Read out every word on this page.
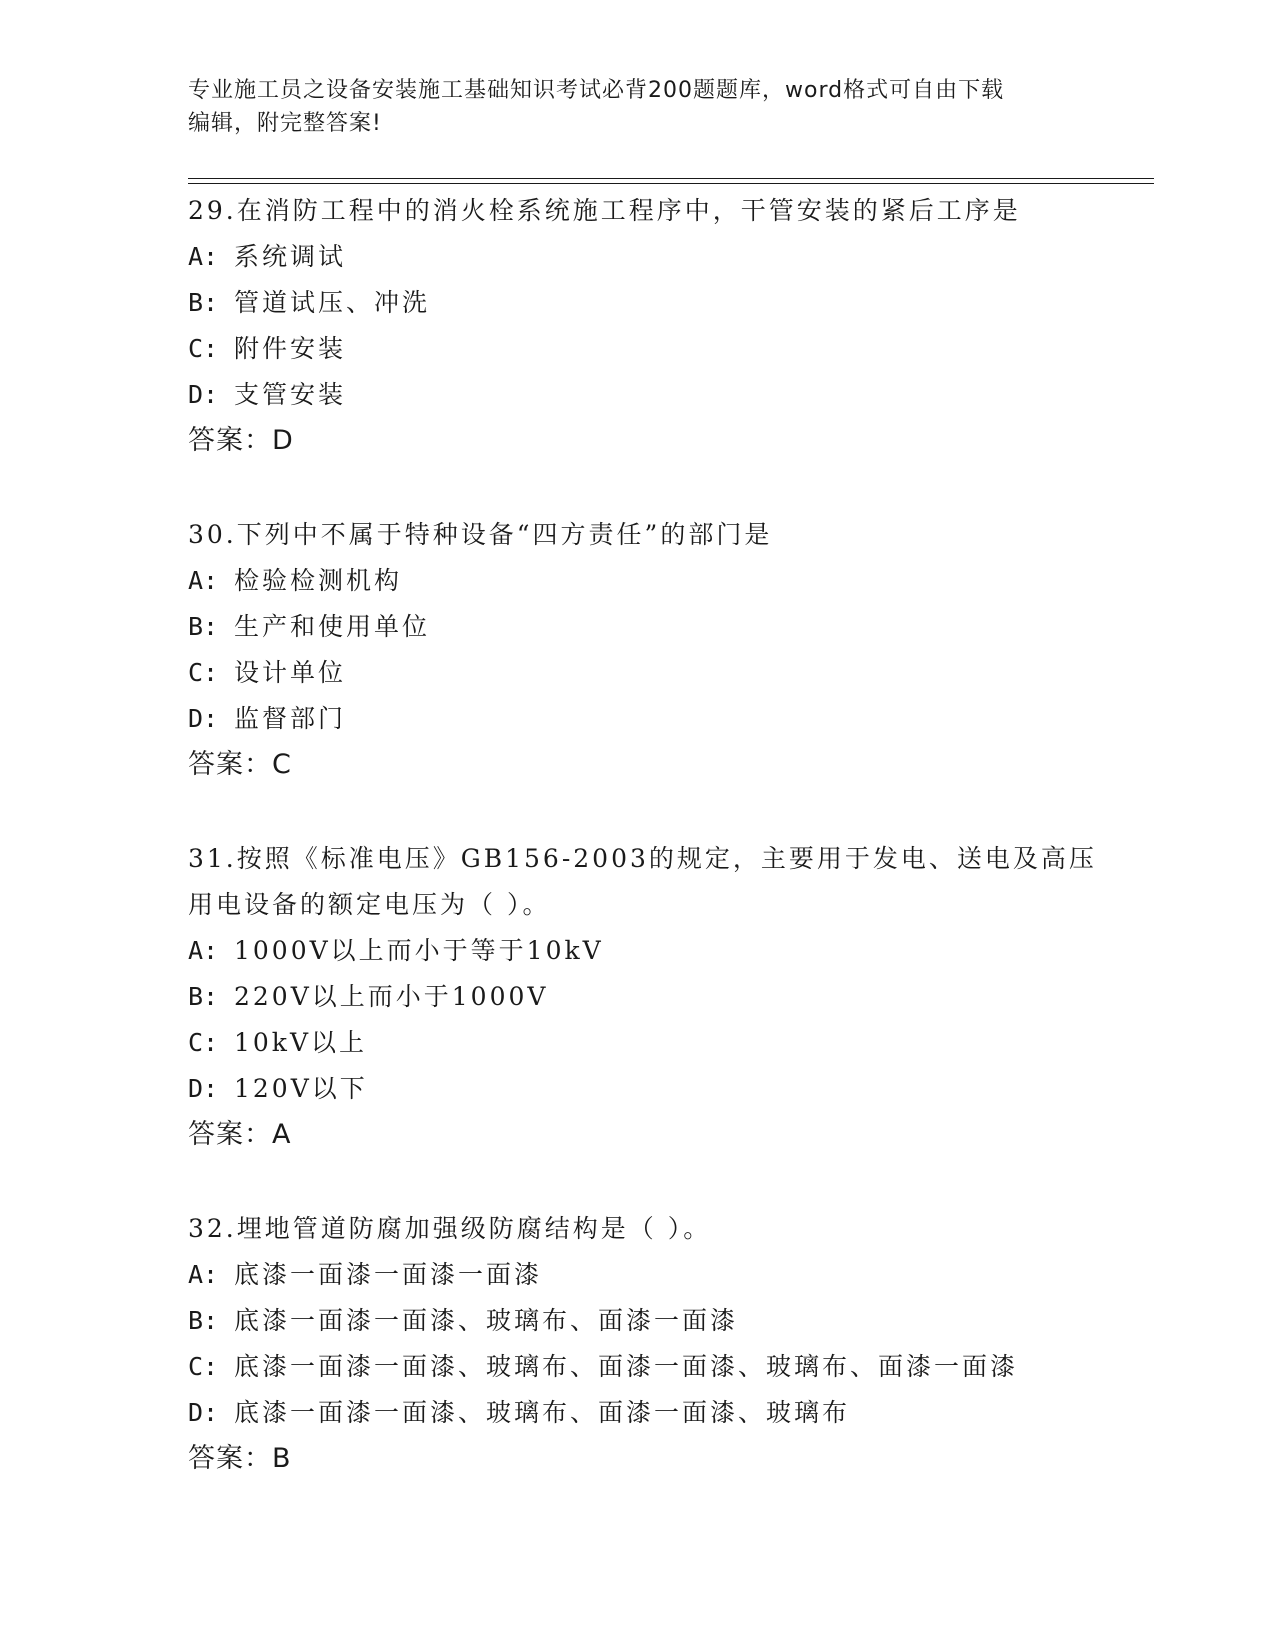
专业施工员之设备安装施工基础知识考试必背200题题库，word格式可自由下载
编辑，附完整答案!
29.在消防工程中的消火栓系统施工程序中，干管安装的紧后工序是
A: 系统调试
B: 管道试压、冲洗
C: 附件安装
D: 支管安装
答案：D
30.下列中不属于特种设备“四方责任”的部门是
A: 检验检测机构
B: 生产和使用单位
C: 设计单位
D: 监督部门
答案：C
31.按照《标准电压》GB156-2003的规定，主要用于发电、送电及高压
用电设备的额定电压为（ ）。
A: 1000V以上而小于等于10kV
B: 220V以上而小于1000V
C: 10kV以上
D: 120V以下
答案：A
32.埋地管道防腐加强级防腐结构是（ ）。
A: 底漆一面漆一面漆一面漆
B: 底漆一面漆一面漆、玻璃布、面漆一面漆
C: 底漆一面漆一面漆、玻璃布、面漆一面漆、玻璃布、面漆一面漆
D: 底漆一面漆一面漆、玻璃布、面漆一面漆、玻璃布
答案：B
